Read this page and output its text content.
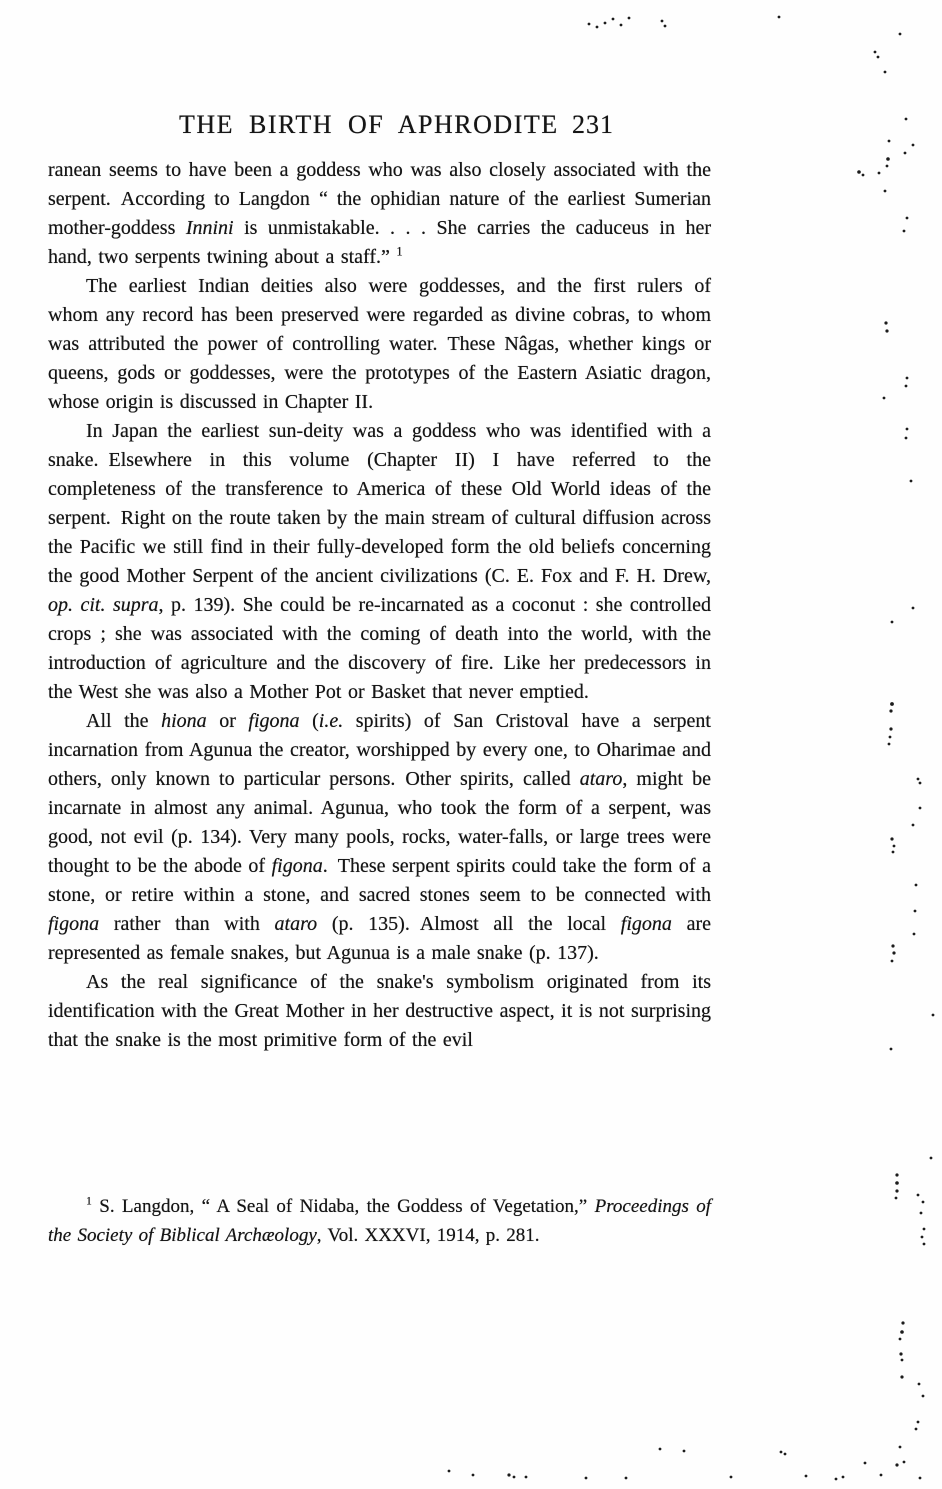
THE BIRTH OF APHRODITE 231

ranean seems to have been a goddess who was also closely associated with the serpent. According to Langdon “ the ophidian nature of the earliest Sumerian mother-goddess Innini is unmistakable. . . . She carries the caduceus in her hand, two serpents twining about a staff.” $^1$

The earliest Indian deities also were goddesses, and the first rulers of whom any record has been preserved were regarded as divine cobras, to whom was attributed the power of controlling water. These Nâgas, whether kings or queens, gods or goddesses, were the prototypes of the Eastern Asiatic dragon, whose origin is discussed in Chapter II.

In Japan the earliest sun-deity was a goddess who was identified with a snake. Elsewhere in this volume (Chapter II) I have referred to the completeness of the transference to America of these Old World ideas of the serpent. Right on the route taken by the main stream of cultural diffusion across the Pacific we still find in their fully-developed form the old beliefs concerning the good Mother Serpent of the ancient civilizations (C. E. Fox and F. H. Drew, op. cit. supra, p. 139). She could be re-incarnated as a coconut : she controlled crops ; she was associated with the coming of death into the world, with the introduction of agriculture and the discovery of fire. Like her predecessors in the West she was also a Mother Pot or Basket that never emptied.

All the hiona or figona (i.e. spirits) of San Cristoval have a serpent incarnation from Agunua the creator, worshipped by every one, to Oharimae and others, only known to particular persons. Other spirits, called ataro, might be incarnate in almost any animal. Agunua, who took the form of a serpent, was good, not evil (p. 134). Very many pools, rocks, water-falls, or large trees were thought to be the abode of figona. These serpent spirits could take the form of a stone, or retire within a stone, and sacred stones seem to be connected with figona rather than with ataro (p. 135). Almost all the local figona are represented as female snakes, but Agunua is a male snake (p. 137).

As the real significance of the snake's symbolism originated from its identification with the Great Mother in her destructive aspect, it is not surprising that the snake is the most primitive form of the evil

$^1$ S. Langdon, “ A Seal of Nidaba, the Goddess of Vegetation,” Proceedings of the Society of Biblical Archæology, Vol. XXXVI, 1914, p. 281.
